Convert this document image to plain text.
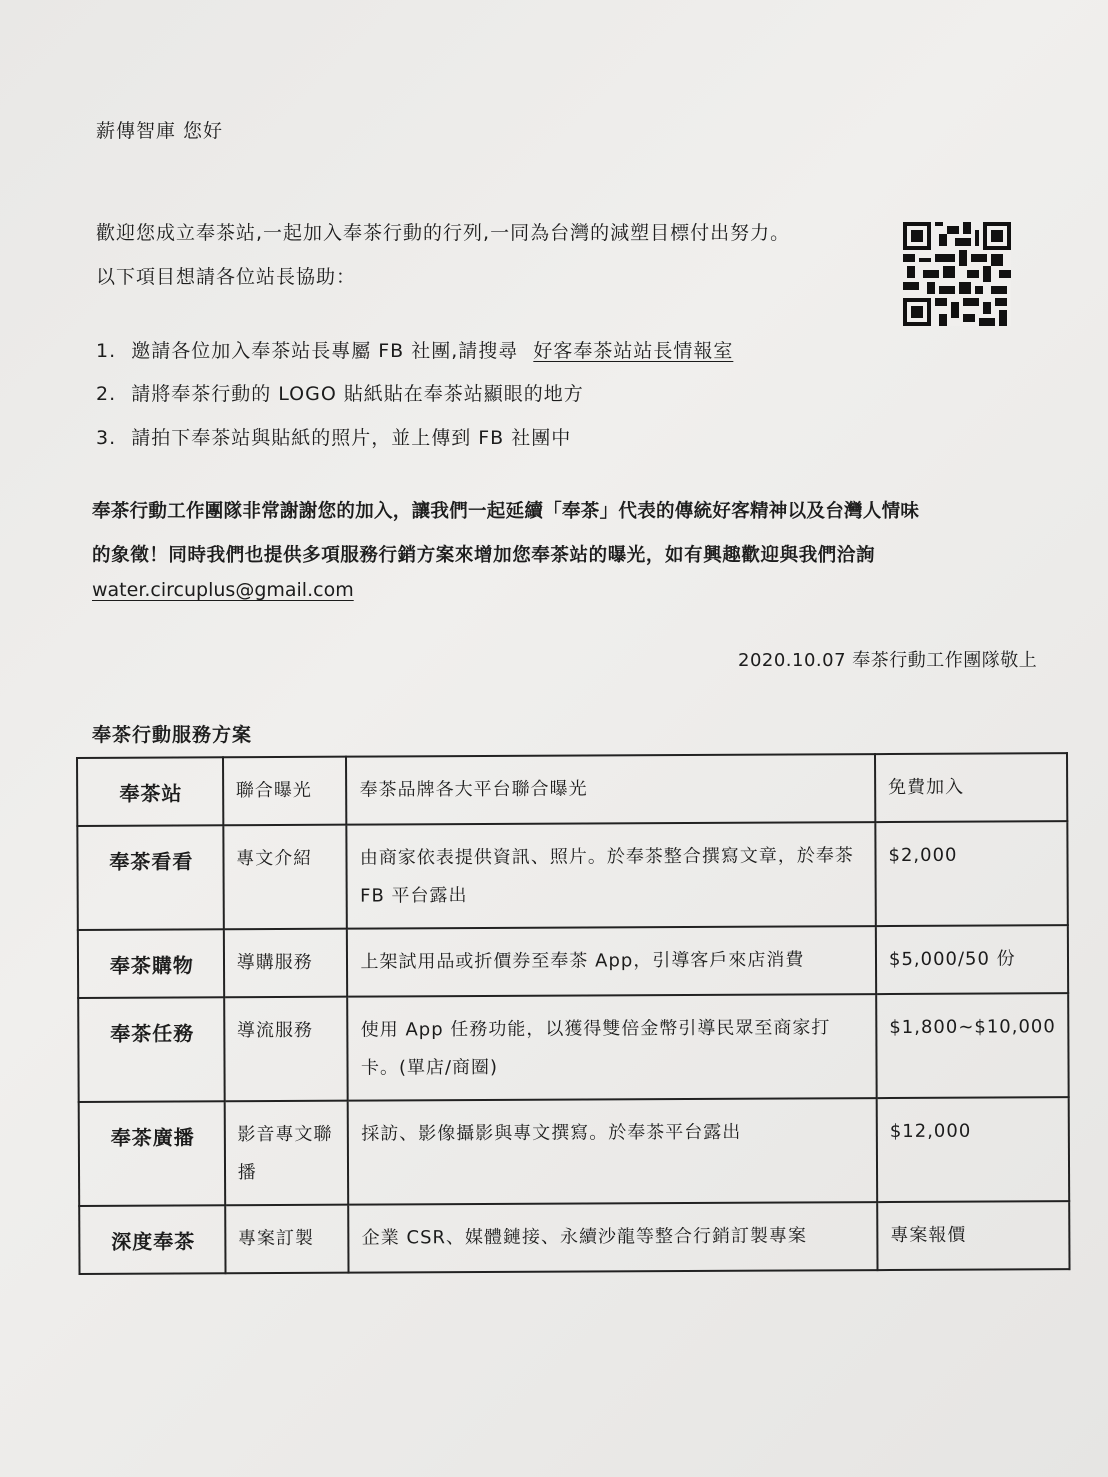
薪傳智庫 您好
歡迎您成立奉茶站,一起加入奉茶行動的行列,一同為台灣的減塑目標付出努力。
以下項目想請各位站長協助：
1. 邀請各位加入奉茶站長專屬 FB 社團,請搜尋 好客奉茶站站長情報室
2. 請將奉茶行動的 LOGO 貼紙貼在奉茶站顯眼的地方
3. 請拍下奉茶站與貼紙的照片，並上傳到 FB 社團中
奉茶行動工作團隊非常謝謝您的加入，讓我們一起延續「奉茶」代表的傳統好客精神以及台灣人情味
的象徵！同時我們也提供多項服務行銷方案來增加您奉茶站的曝光，如有興趣歡迎與我們洽詢
water.circuplus@gmail.com
2020.10.07 奉茶行動工作團隊敬上
奉茶行動服務方案
奉茶站	聯合曝光	奉茶品牌各大平台聯合曝光	免費加入
奉茶看看	專文介紹	由商家依表提供資訊、照片。於奉茶整合撰寫文章，於奉茶 FB 平台露出	$2,000
奉茶購物	導購服務	上架試用品或折價券至奉茶 App，引導客戶來店消費	$5,000/50 份
奉茶任務	導流服務	使用 App 任務功能，以獲得雙倍金幣引導民眾至商家打卡。(單店/商圈)	$1,800~$10,000
奉茶廣播	影音專文聯播	採訪、影像攝影與專文撰寫。於奉茶平台露出	$12,000
深度奉茶	專案訂製	企業 CSR、媒體鏈接、永續沙龍等整合行銷訂製專案	專案報價
